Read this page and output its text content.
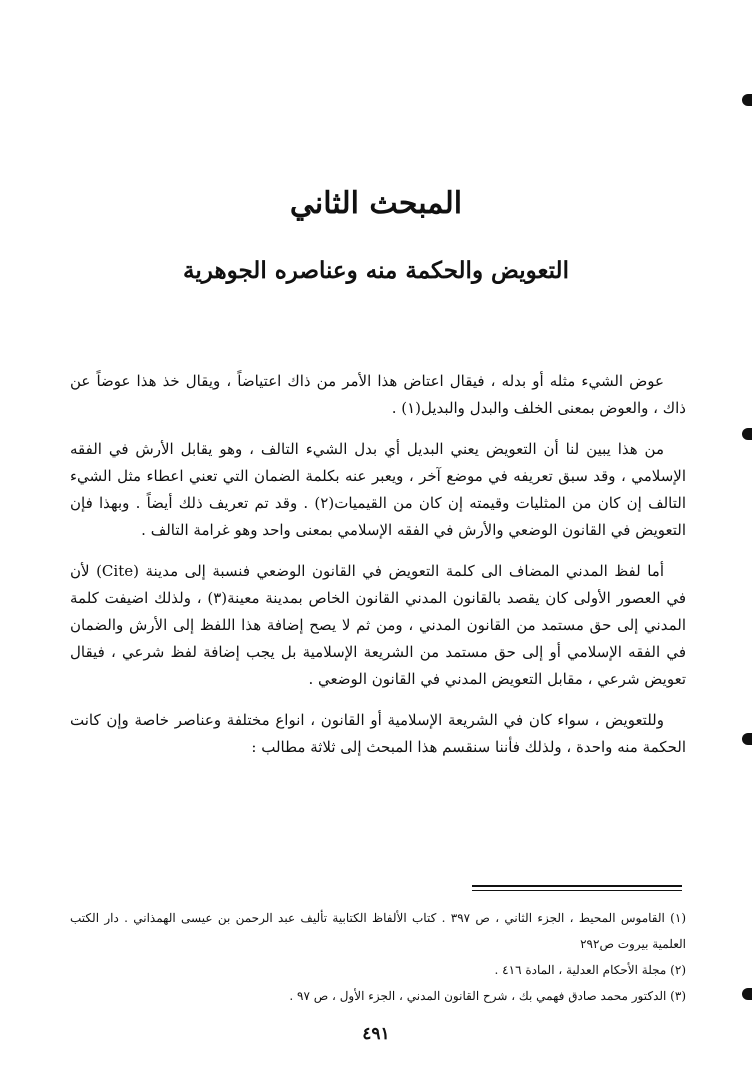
المبحث الثاني
التعويض والحكمة منه وعناصره الجوهرية

عوض الشيء مثله أو بدله ، فيقال اعتاض هذا الأمر من ذاك اعتياضاً ، ويقال خذ هذا عوضاً عن ذاك ، والعوض بمعنى الخلف والبدل والبديل(١) .

من هذا يبين لنا أن التعويض يعني البديل أي بدل الشيء التالف ، وهو يقابل الأرش في الفقه الإسلامي ، وقد سبق تعريفه في موضع آخر ، ويعبر عنه بكلمة الضمان التي تعني اعطاء مثل الشيء التالف إن كان من المثليات وقيمته إن كان من القيميات(٢) . وقد تم تعريف ذلك أيضاً . وبهذا فإن التعويض في القانون الوضعي والأرش في الفقه الإسلامي بمعنى واحد وهو غرامة التالف .

أما لفظ المدني المضاف الى كلمة التعويض في القانون الوضعي فنسبة إلى مدينة (Cite) لأن في العصور الأولى كان يقصد بالقانون المدني القانون الخاص بمدينة معينة(٣) ، ولذلك اضيفت كلمة المدني إلى حق مستمد من القانون المدني ، ومن ثم لا يصح إضافة هذا اللفظ إلى الأرش والضمان في الفقه الإسلامي أو إلى حق مستمد من الشريعة الإسلامية بل يجب إضافة لفظ شرعي ، فيقال تعويض شرعي ، مقابل التعويض المدني في القانون الوضعي .

وللتعويض ، سواء كان في الشريعة الإسلامية أو القانون ، انواع مختلفة وعناصر خاصة وإن كانت الحكمة منه واحدة ، ولذلك فأننا سنقسم هذا المبحث إلى ثلاثة مطالب :

(١) القاموس المحيط ، الجزء الثاني ، ص ٣٩٧ . كتاب الألفاظ الكتابية تأليف عبد الرحمن بن عيسى الهمذاني . دار الكتب العلمية بيروت ص٢٩٢
(٢) مجلة الأحكام العدلية ، المادة ٤١٦ .
(٣) الدكتور محمد صادق فهمي بك ، شرح القانون المدني ، الجزء الأول ، ص ٩٧ .
٤٩١
